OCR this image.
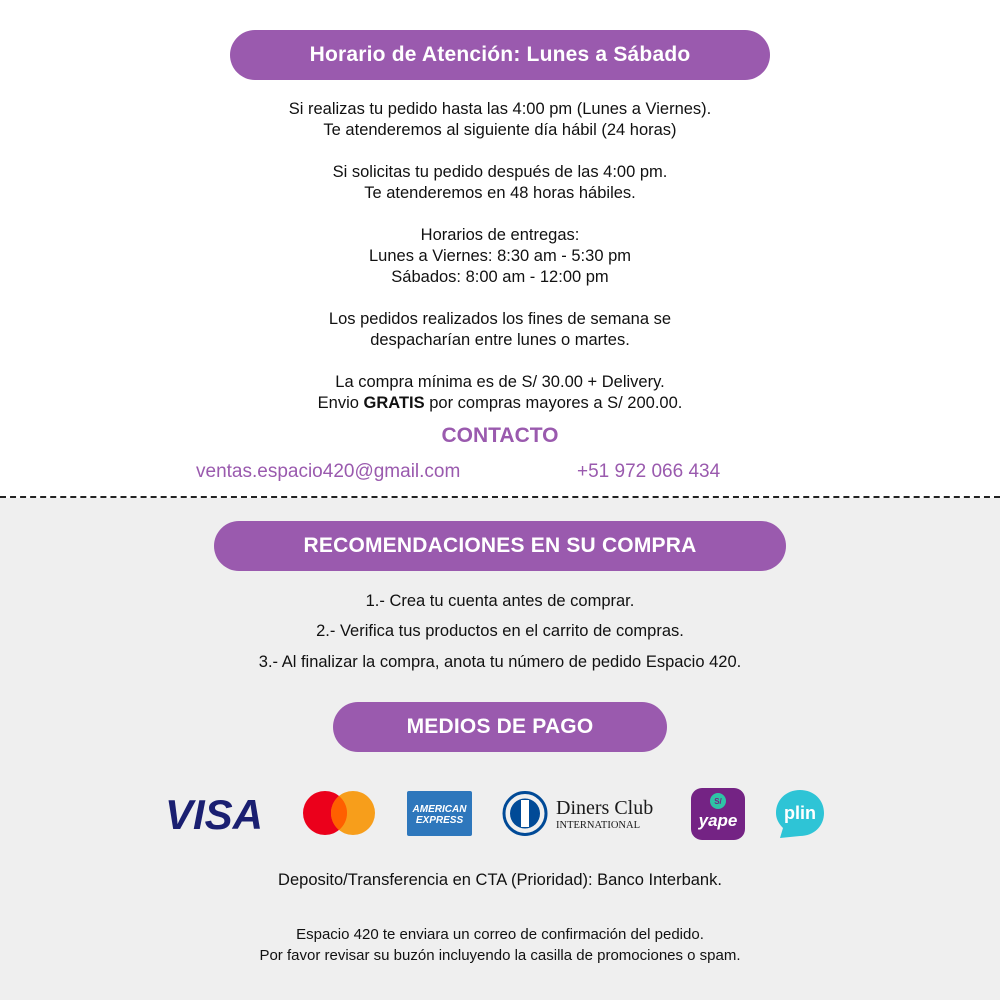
Horario de Atención: Lunes a Sábado

Si realizas tu pedido hasta las 4:00 pm (Lunes a Viernes).

Te atenderemos al siguiente día hábil (24 horas)

Si solicitas tu pedido después de las 4:00 pm.

Te atenderemos en 48 horas hábiles.

Horarios de entregas:

Lunes a Viernes: 8:30 am - 5:30 pm

Sábados: 8:00 am - 12:00 pm

Los pedidos realizados los fines de semana se

despacharían entre lunes o martes.

La compra mínima es de S/ 30.00 + Delivery.

Envio GRATIS por compras mayores a S/ 200.00.

CONTACTO
ventas.espacio420@gmail.com	+51 972 066 434
RECOMENDACIONES EN SU COMPRA
1.- Crea tu cuenta antes de comprar.
2.- Verifica tus productos en el carrito de compras.
3.- Al finalizar la compra, anota tu número de pedido Espacio 420.
MEDIOS DE PAGO
VISA	AMERICAN
EXPRESS
Diners Club
INTERNATIONAL
S/
yape	plin
Deposito/Transferencia en CTA (Prioridad): Banco Interbank.

Espacio 420 te enviara un correo de confirmación del pedido.

Por favor revisar su buzón incluyendo la casilla de promociones o spam.
